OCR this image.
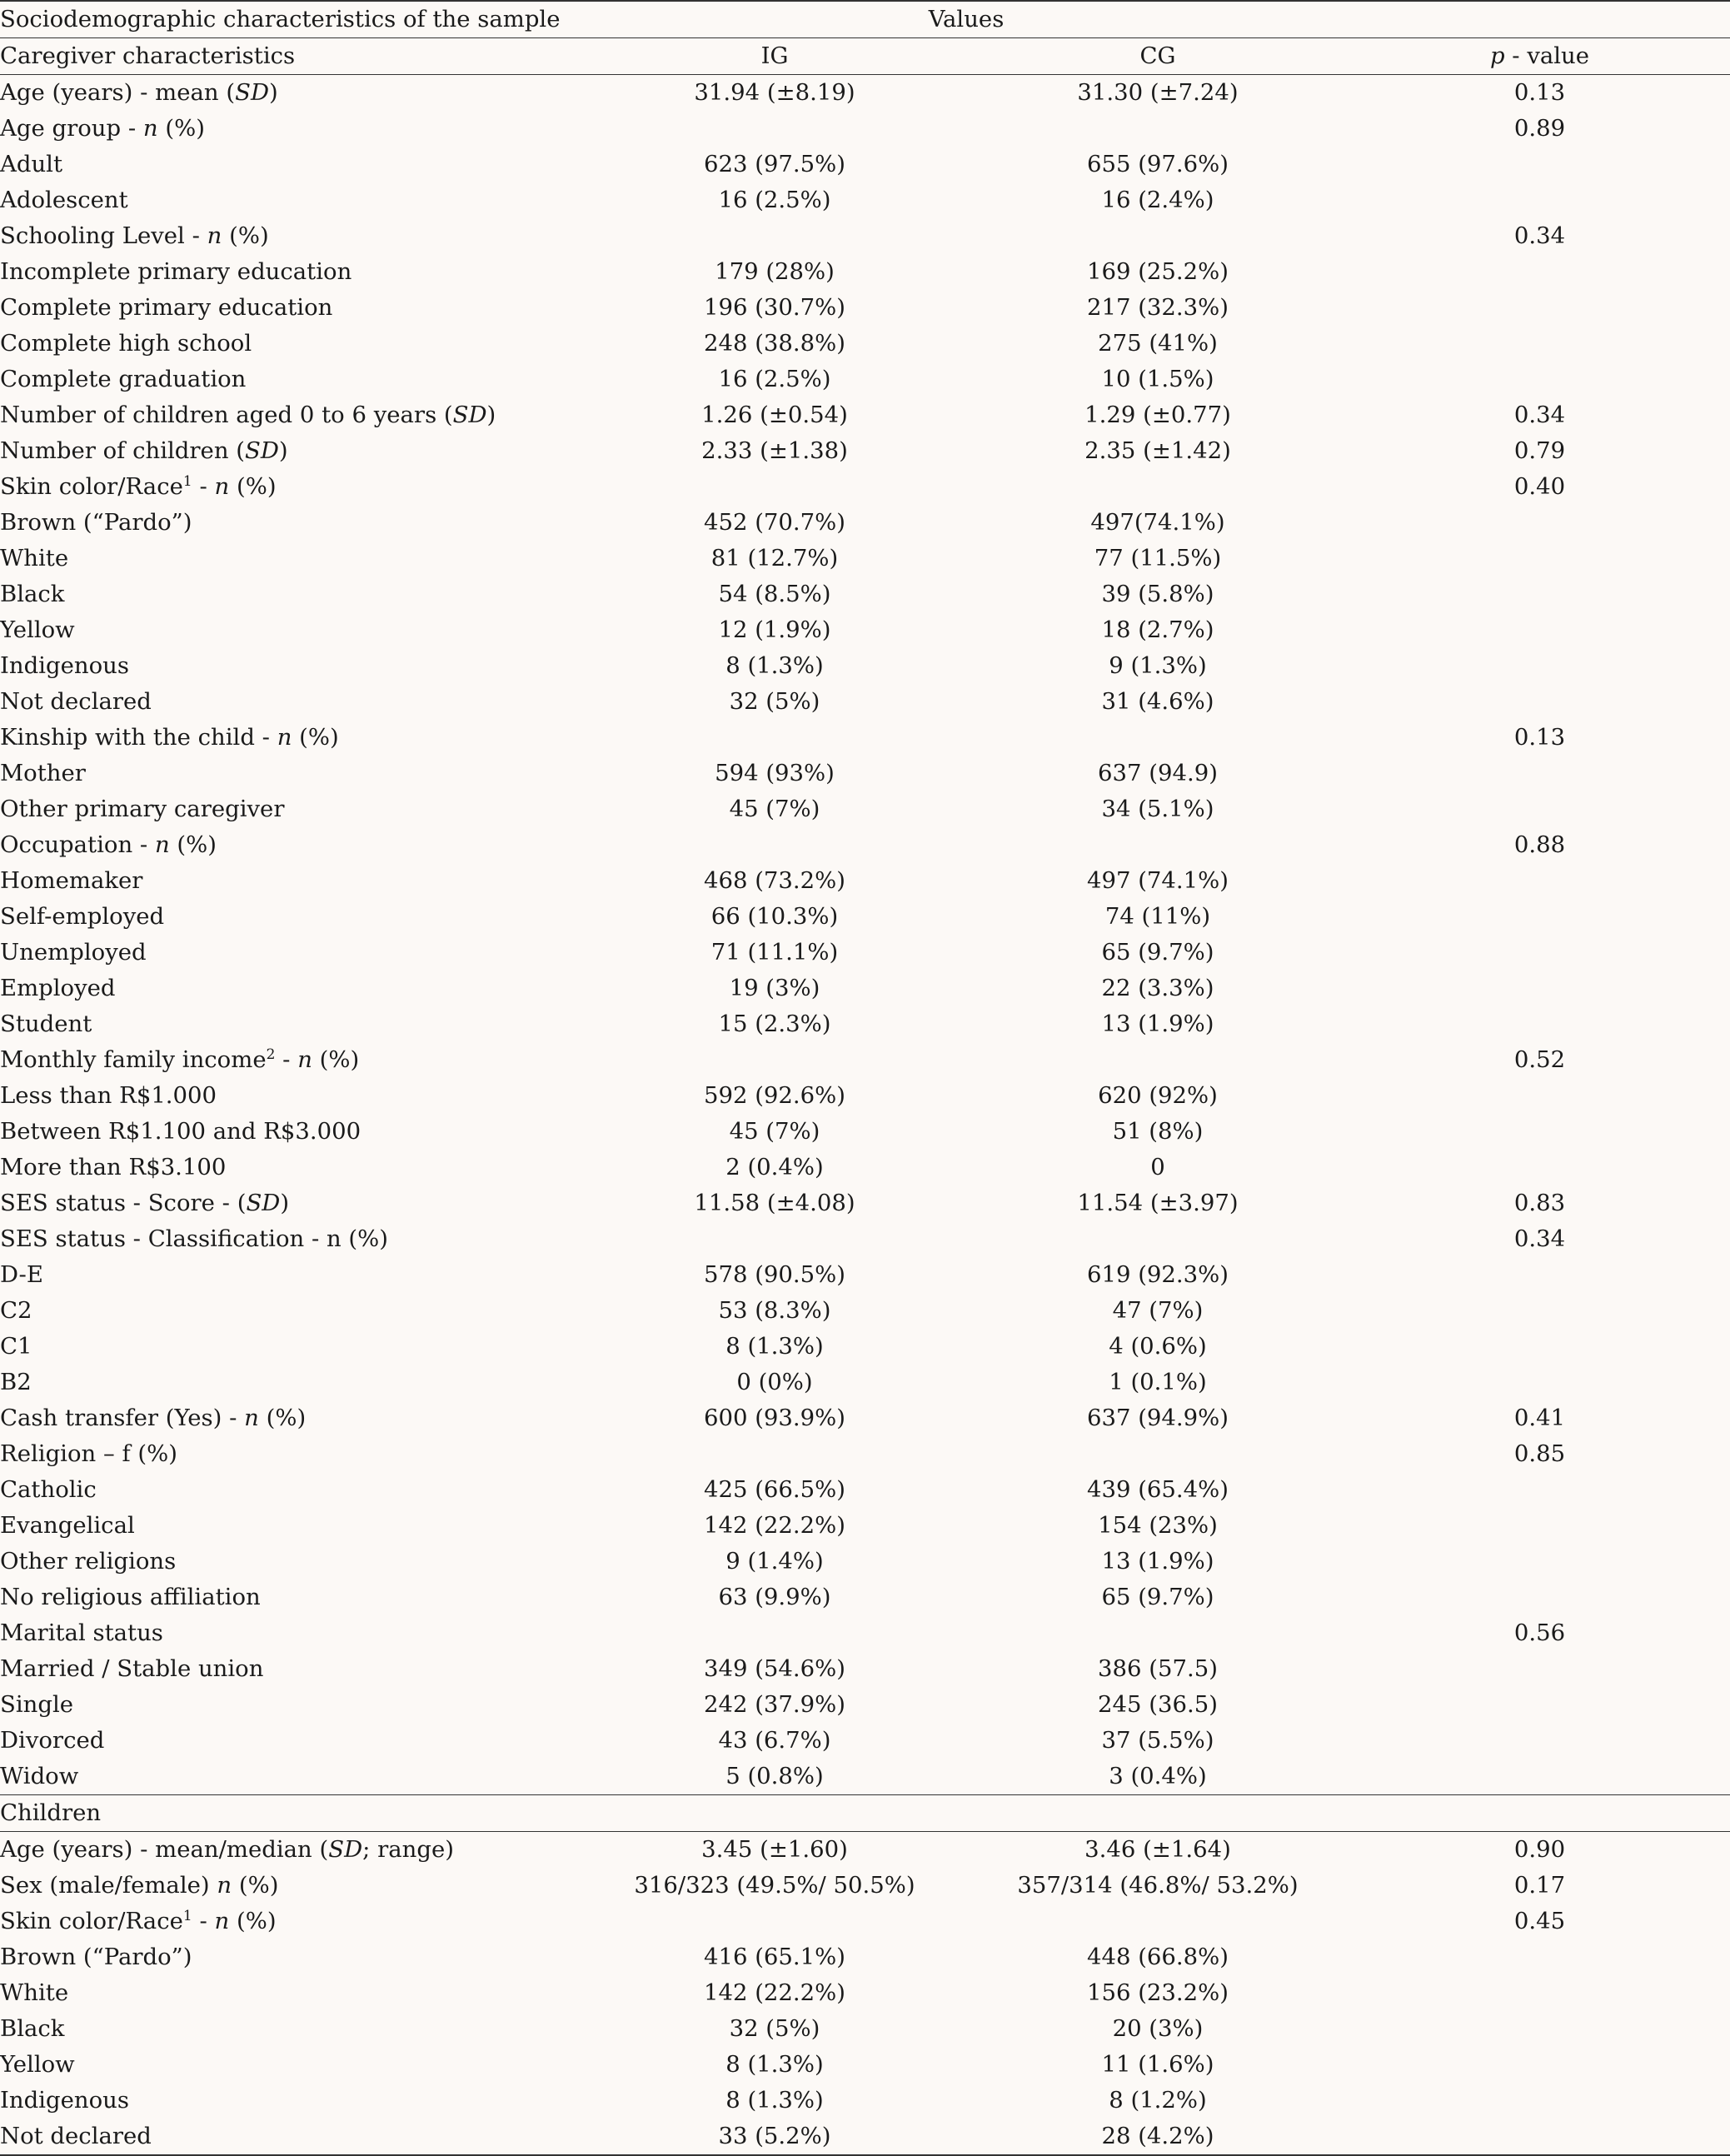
Sociodemographic characteristics of the sample	Values		
Caregiver characteristics	IG	CG	p - value
Age (years) - mean (SD)	31.94 (±8.19)	31.30 (±7.24)	0.13
Age group - n (%)			0.89
Adult	623 (97.5%)	655 (97.6%)	
Adolescent	16 (2.5%)	16 (2.4%)	
Schooling Level - n (%)			0.34
Incomplete primary education	179 (28%)	169 (25.2%)	
Complete primary education	196 (30.7%)	217 (32.3%)	
Complete high school	248 (38.8%)	275 (41%)	
Complete graduation	16 (2.5%)	10 (1.5%)	
Number of children aged 0 to 6 years (SD)	1.26 (±0.54)	1.29 (±0.77)	0.34
Number of children (SD)	2.33 (±1.38)	2.35 (±1.42)	0.79
Skin color/Race$^1$ - n (%)			0.40
Brown (“Pardo”)	452 (70.7%)	497(74.1%)	
White	81 (12.7%)	77 (11.5%)	
Black	54 (8.5%)	39 (5.8%)	
Yellow	12 (1.9%)	18 (2.7%)	
Indigenous	8 (1.3%)	9 (1.3%)	
Not declared	32 (5%)	31 (4.6%)	
Kinship with the child - n (%)			0.13
Mother	594 (93%)	637 (94.9)	
Other primary caregiver	45 (7%)	34 (5.1%)	
Occupation - n (%)			0.88
Homemaker	468 (73.2%)	497 (74.1%)	
Self-employed	66 (10.3%)	74 (11%)	
Unemployed	71 (11.1%)	65 (9.7%)	
Employed	19 (3%)	22 (3.3%)	
Student	15 (2.3%)	13 (1.9%)	
Monthly family income$^2$ - n (%)			0.52
Less than R$1.000	592 (92.6%)	620 (92%)	
Between R$1.100 and R$3.000	45 (7%)	51 (8%)	
More than R$3.100	2 (0.4%)	0	
SES status - Score - (SD)	11.58 (±4.08)	11.54 (±3.97)	0.83
SES status - Classification - n (%)			0.34
D-E	578 (90.5%)	619 (92.3%)	
C2	53 (8.3%)	47 (7%)	
C1	8 (1.3%)	4 (0.6%)	
B2	0 (0%)	1 (0.1%)	
Cash transfer (Yes) - n (%)	600 (93.9%)	637 (94.9%)	0.41
Religion – f (%)			0.85
Catholic	425 (66.5%)	439 (65.4%)	
Evangelical	142 (22.2%)	154 (23%)	
Other religions	9 (1.4%)	13 (1.9%)	
No religious affiliation	63 (9.9%)	65 (9.7%)	
Marital status			0.56
Married / Stable union	349 (54.6%)	386 (57.5)	
Single	242 (37.9%)	245 (36.5)	
Divorced	43 (6.7%)	37 (5.5%)	
Widow	5 (0.8%)	3 (0.4%)	
Children			
Age (years) - mean/median (SD; range)	3.45 (±1.60)	3.46 (±1.64)	0.90
Sex (male/female) n (%)	316/323 (49.5%/ 50.5%)	357/314 (46.8%/ 53.2%)	0.17
Skin color/Race$^1$ - n (%)			0.45
Brown (“Pardo”)	416 (65.1%)	448 (66.8%)	
White	142 (22.2%)	156 (23.2%)	
Black	32 (5%)	20 (3%)	
Yellow	8 (1.3%)	11 (1.6%)	
Indigenous	8 (1.3%)	8 (1.2%)	
Not declared	33 (5.2%)	28 (4.2%)	
